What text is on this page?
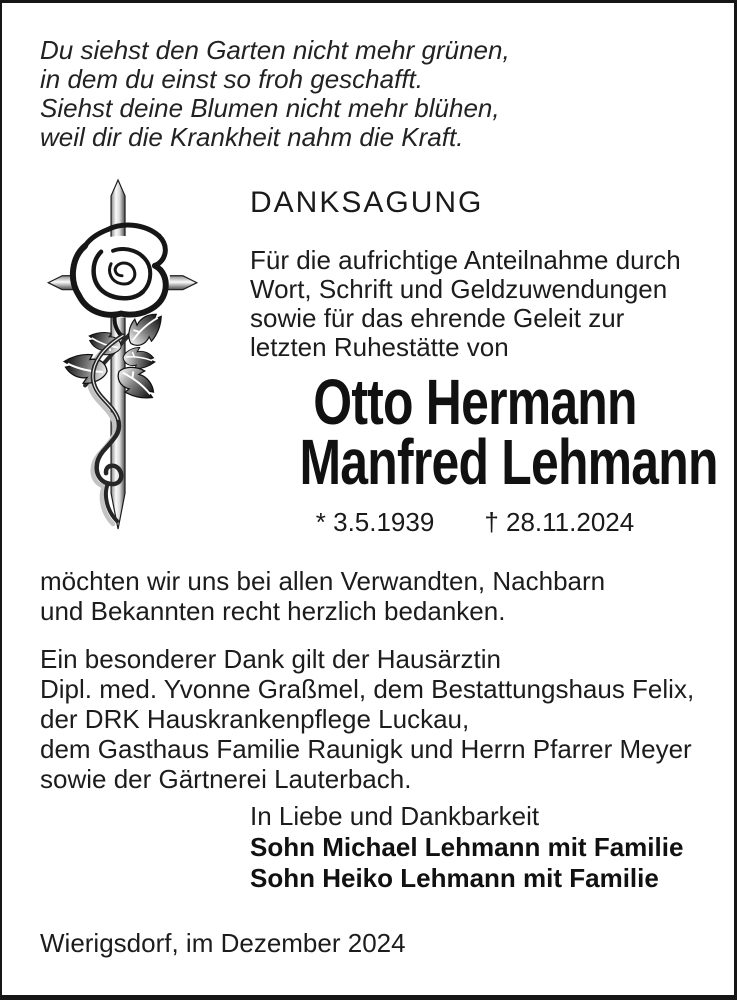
Du siehst den Garten nicht mehr grünen,
in dem du einst so froh geschafft.
Siehst deine Blumen nicht mehr blühen,
weil dir die Krankheit nahm die Kraft.
DANKSAGUNG
Für die aufrichtige Anteilnahme durch
Wort, Schrift und Geldzuwendungen
sowie für das ehrende Geleit zur
letzten Ruhestätte von
Otto Hermann
Manfred Lehmann
* 3.5.1939 † 28.11.2024
möchten wir uns bei allen Verwandten, Nachbarn
und Bekannten recht herzlich bedanken.
Ein besonderer Dank gilt der Hausärztin
Dipl. med. Yvonne Graßmel, dem Bestattungshaus Felix,
der DRK Hauskrankenpflege Luckau,
dem Gasthaus Familie Raunigk und Herrn Pfarrer Meyer
sowie der Gärtnerei Lauterbach.
In Liebe und Dankbarkeit
Sohn Michael Lehmann mit Familie
Sohn Heiko Lehmann mit Familie
Wierigsdorf, im Dezember 2024
